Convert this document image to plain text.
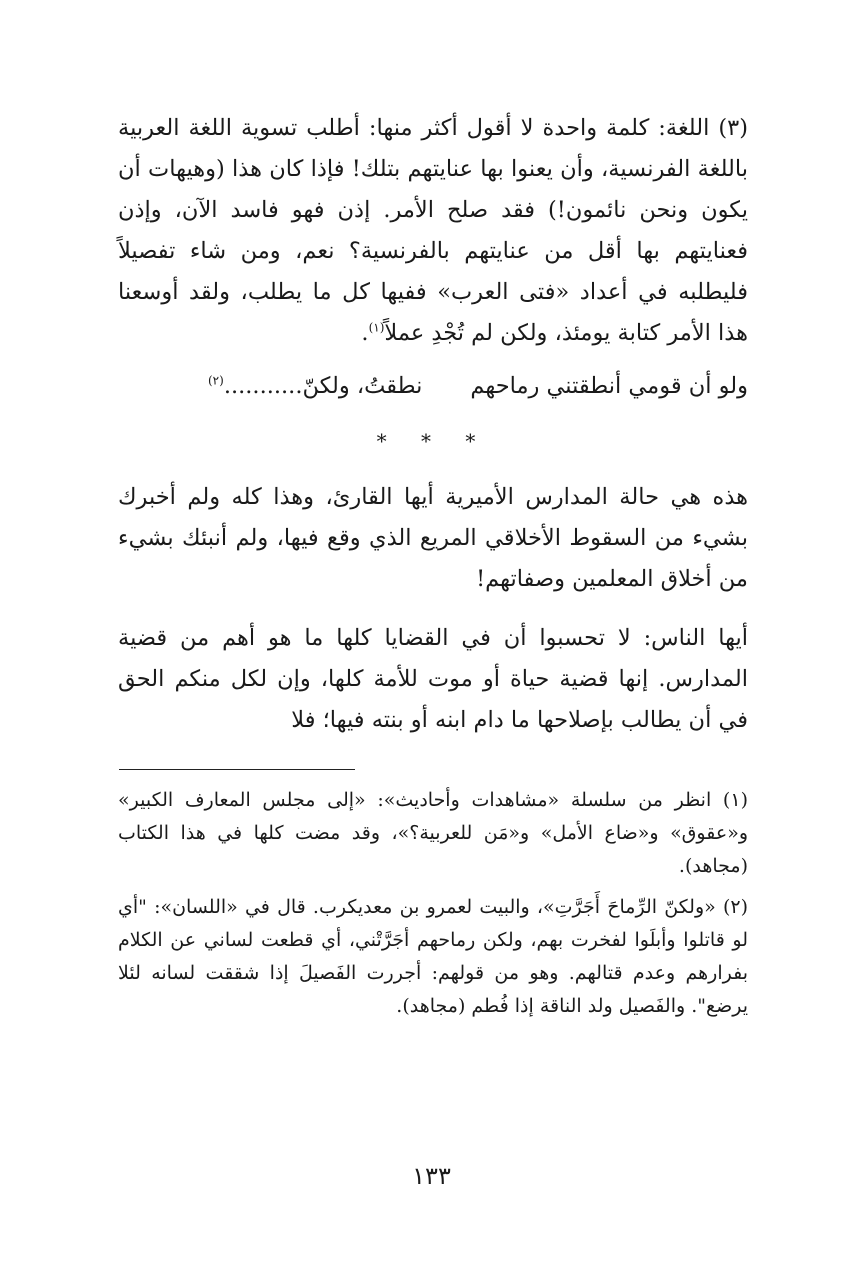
(٣) اللغة: كلمة واحدة لا أقول أكثر منها: أطلب تسوية اللغة العربية باللغة الفرنسية، وأن يعنوا بها عنايتهم بتلك! فإذا كان هذا (وهيهات أن يكون ونحن نائمون!) فقد صلح الأمر. إذن فهو فاسد الآن، وإذن فعنايتهم بها أقل من عنايتهم بالفرنسية؟ نعم، ومن شاء تفصيلاً فليطلبه في أعداد «فتى العرب» ففيها كل ما يطلب، ولقد أوسعنا هذا الأمر كتابة يومئذ، ولكن لم تُجْدِ عملاً$^{(١)}$.

ولو أن قومي أنطقتني رماحهم
نطقتُ، ولكنّ...........$^{(٢)}$
* * *

هذه هي حالة المدارس الأميرية أيها القارئ، وهذا كله ولم أخبرك بشيء من السقوط الأخلاقي المريع الذي وقع فيها، ولم أنبئك بشيء من أخلاق المعلمين وصفاتهم!

أيها الناس: لا تحسبوا أن في القضايا كلها ما هو أهم من قضية المدارس. إنها قضية حياة أو موت للأمة كلها، وإن لكل منكم الحق في أن يطالب بإصلاحها ما دام ابنه أو بنته فيها؛ فلا

(١) انظر من سلسلة «مشاهدات وأحاديث»: «إلى مجلس المعارف الكبير» و«عقوق» و«ضاع الأمل» و«مَن للعربية؟»، وقد مضت كلها في هذا الكتاب (مجاهد).

(٢) «ولكنّ الرِّماحَ أَجَرَّتِ»، والبيت لعمرو بن معديكرب. قال في «اللسان»: "أي لو قاتلوا وأبلَوا لفخرت بهم، ولكن رماحهم أجَرَّتْني، أي قطعت لساني عن الكلام بفرارهم وعدم قتالهم. وهو من قولهم: أجررت الفَصيلَ إذا شققت لسانه لئلا يرضع". والفَصيل ولد الناقة إذا فُطم (مجاهد).

١٣٣
